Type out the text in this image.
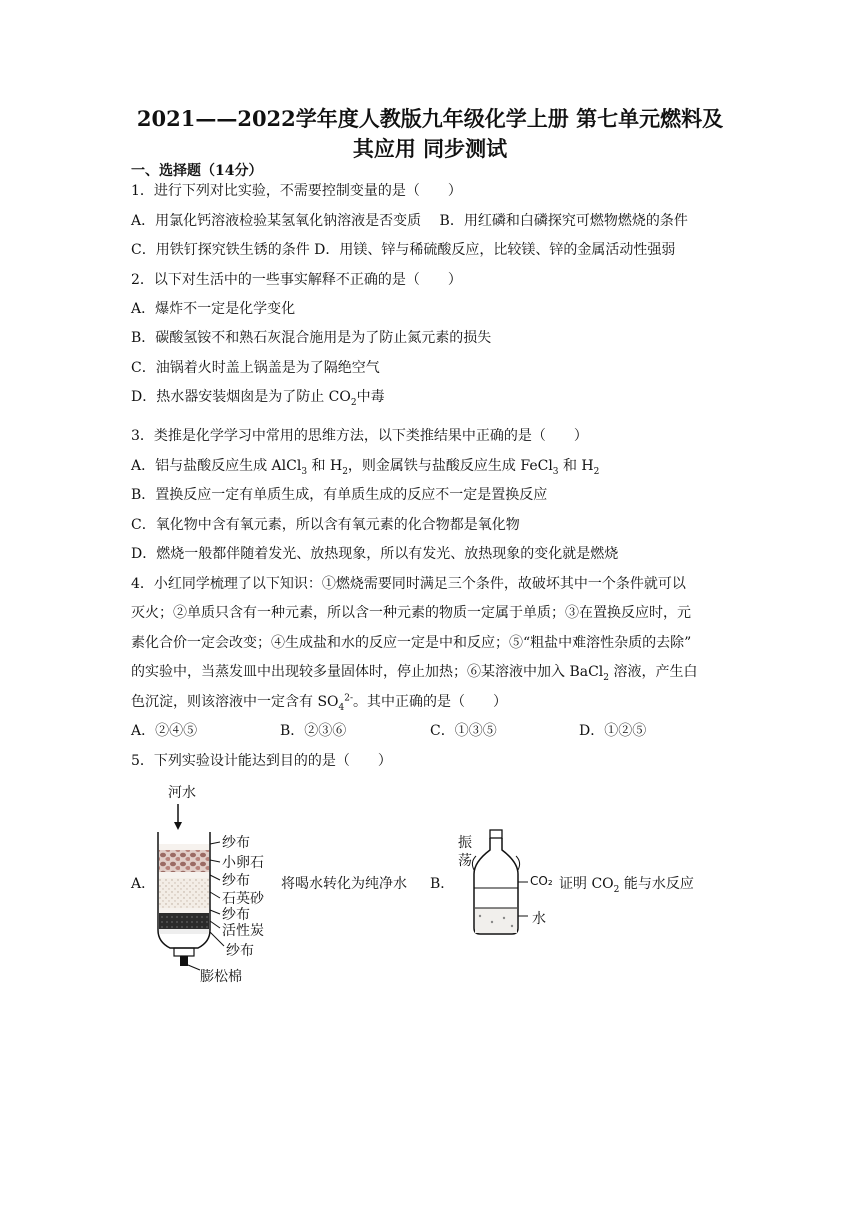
2021——2022学年度人教版九年级化学上册 第七单元燃料及
其应用 同步测试
一、选择题（14分）
1．进行下列对比实验，不需要控制变量的是（　　）
A．用氯化钙溶液检验某氢氧化钠溶液是否变质　 B．用红磷和白磷探究可燃物燃烧的条件
C．用铁钉探究铁生锈的条件 D．用镁、锌与稀硫酸反应，比较镁、锌的金属活动性强弱
2．以下对生活中的一些事实解释不正确的是（　　）
A．爆炸不一定是化学变化
B．碳酸氢铵不和熟石灰混合施用是为了防止氮元素的损失
C．油锅着火时盖上锅盖是为了隔绝空气
D．热水器安装烟囱是为了防止 $CO_2$中毒
3．类推是化学学习中常用的思维方法，以下类推结果中正确的是（　　）
A．铝与盐酸反应生成 AlCl$_3$ 和 $H_2$，则金属铁与盐酸反应生成 FeCl$_3$ 和 $H_2$
B．置换反应一定有单质生成，有单质生成的反应不一定是置换反应
C．氧化物中含有氧元素，所以含有氧元素的化合物都是氧化物
D．燃烧一般都伴随着发光、放热现象，所以有发光、放热现象的变化就是燃烧
4．小红同学梳理了以下知识：①燃烧需要同时满足三个条件，故破坏其中一个条件就可以
灭火；②单质只含有一种元素，所以含一种元素的物质一定属于单质；③在置换反应时，元
素化合价一定会改变；④生成盐和水的反应一定是中和反应；⑤“粗盐中难溶性杂质的去除”
的实验中，当蒸发皿中出现较多量固体时，停止加热；⑥某溶液中加入 BaCl$_2$ 溶液，产生白
色沉淀，则该溶液中一定含有 $SO_4^{2-}$。其中正确的是（　　）
A．②④⑤	B．②③⑥	C．①③⑤	D．①②⑤
5．下列实验设计能达到目的的是（　　）
A．	将喝水转化为纯净水 B．	证明 $CO_2$ 能与水反应
河水
纱布
小卵石
纱布
石英砂
纱布
活性炭
纱布
膨松棉
振
荡
CO₂
水
